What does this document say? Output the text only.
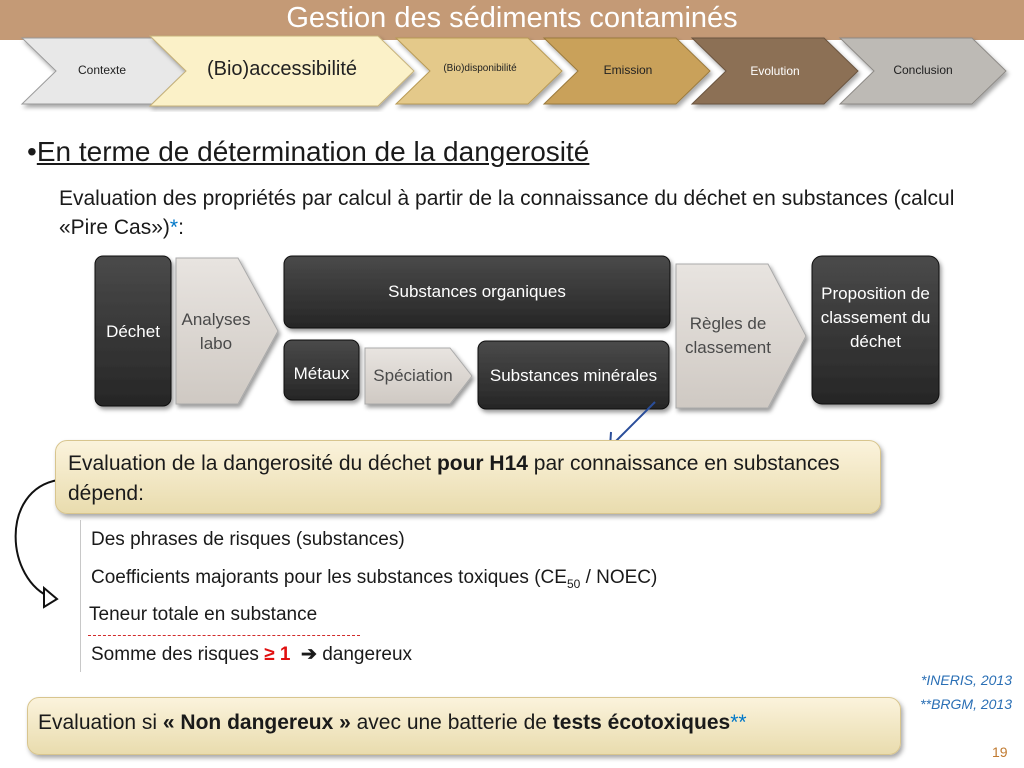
Gestion des sédiments contaminés
Contexte	(Bio)accessibilité	(Bio)disponibilité	Emission	Evolution	Conclusion
•En terme de détermination de la dangerosité
Evaluation des propriétés par calcul à partir de la connaissance du déchet en substances (calcul «Pire Cas»)*:
Déchet
Analyses labo
Substances organiques
Métaux	Spéciation	Substances minérales
Règles de classement
Proposition de classement du déchet
Evaluation de la dangerosité du déchet pour H14 par connaissance en substances dépend:
Des phrases de risques (substances)
Coefficients majorants pour les substances toxiques ($CE_{50}$ / NOEC)
Teneur totale en substance
Somme des risques ≥ 1 ➔ dangereux
*INERIS, 2013
**BRGM, 2013
Evaluation si « Non dangereux » avec une batterie de tests écotoxiques**
19
